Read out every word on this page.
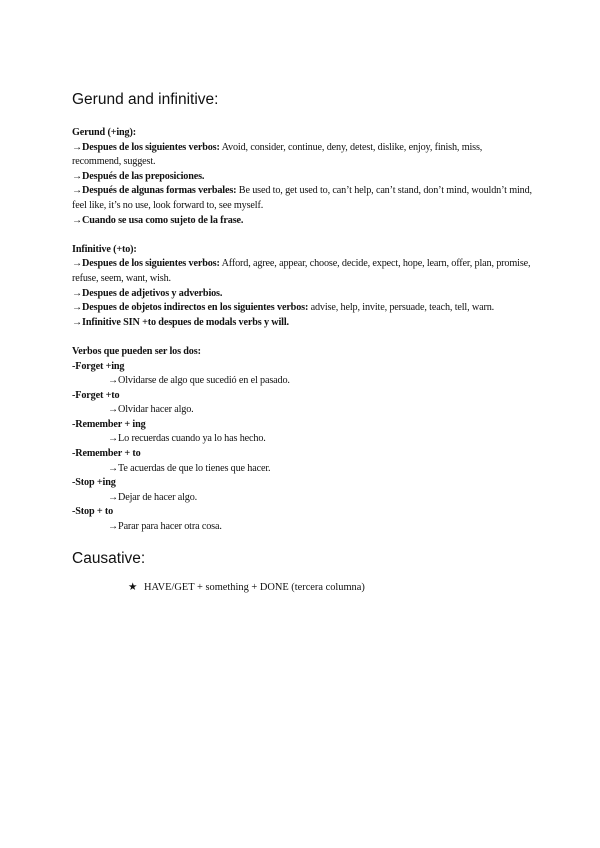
Gerund and infinitive:
Gerund (+ing):
→Despues de los siguientes verbos: Avoid, consider, continue, deny, detest, dislike, enjoy, finish, miss, recommend, suggest.
→Después de las preposiciones.
→Después de algunas formas verbales: Be used to, get used to, can’t help, can’t stand, don’t mind, wouldn’t mind, feel like, it’s no use, look forward to, see myself.
→Cuando se usa como sujeto de la frase.
Infinitive (+to):
→Despues de los siguientes verbos: Afford, agree, appear, choose, decide, expect, hope, learn, offer, plan, promise, refuse, seem, want, wish.
→Despues de adjetivos y adverbios.
→Despues de objetos indirectos en los siguientes verbos: advise, help, invite, persuade, teach, tell, warn.
→Infinitive SIN +to despues de modals verbs y will.
Verbos que pueden ser los dos:
-Forget +ing
→Olvidarse de algo que sucedió en el pasado.
-Forget +to
→Olvidar hacer algo.
-Remember + ing
→Lo recuerdas cuando ya lo has hecho.
-Remember + to
→Te acuerdas de que lo tienes que hacer.
-Stop +ing
→Dejar de hacer algo.
-Stop + to
→Parar para hacer otra cosa.
Causative:
★ HAVE/GET + something + DONE (tercera columna)
